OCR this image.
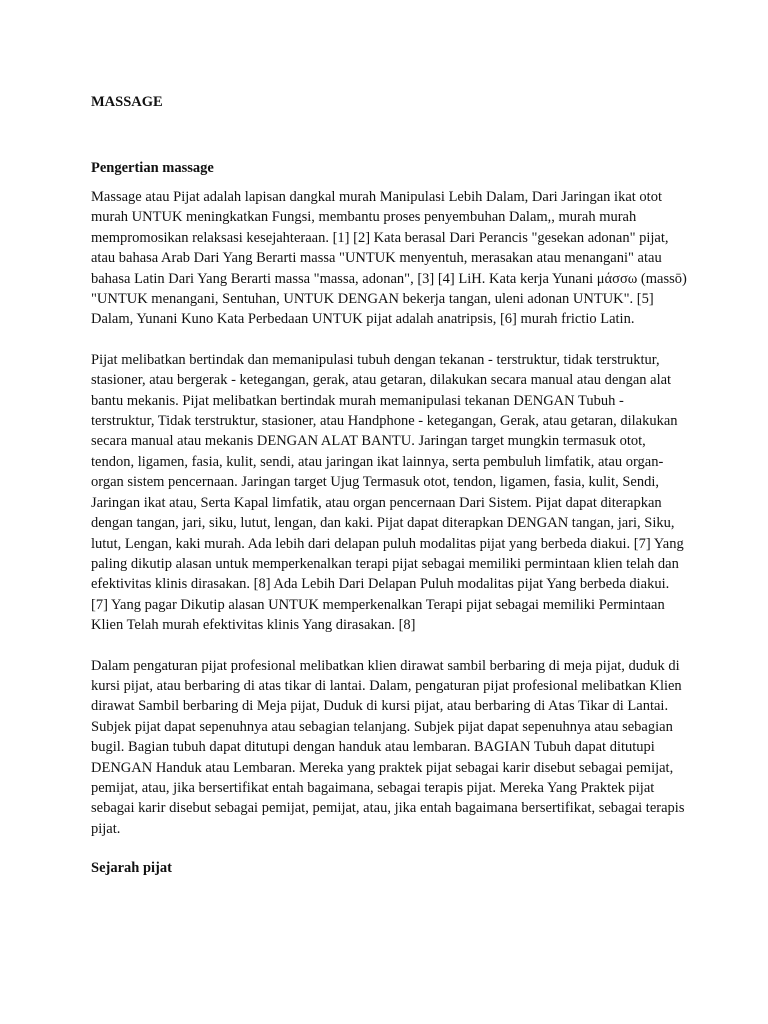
MASSAGE
Pengertian massage

Massage atau Pijat adalah lapisan dangkal murah Manipulasi Lebih Dalam, Dari Jaringan ikat otot murah UNTUK meningkatkan Fungsi, membantu proses penyembuhan Dalam,, murah murah mempromosikan relaksasi kesejahteraan. [1] [2] Kata berasal Dari Perancis "gesekan adonan" pijat, atau bahasa Arab Dari Yang Berarti massa "UNTUK menyentuh, merasakan atau menangani" atau bahasa Latin Dari Yang Berarti massa "massa, adonan", [3] [4] LiH. Kata kerja Yunani μάσσω (massō) "UNTUK menangani, Sentuhan, UNTUK DENGAN bekerja tangan, uleni adonan UNTUK". [5] Dalam, Yunani Kuno Kata Perbedaan UNTUK pijat adalah anatripsis, [6] murah frictio Latin.

Pijat melibatkan bertindak dan memanipulasi tubuh dengan tekanan - terstruktur, tidak terstruktur, stasioner, atau bergerak - ketegangan, gerak, atau getaran, dilakukan secara manual atau dengan alat bantu mekanis. Pijat melibatkan bertindak murah memanipulasi tekanan DENGAN Tubuh - terstruktur, Tidak terstruktur, stasioner, atau Handphone - ketegangan, Gerak, atau getaran, dilakukan secara manual atau mekanis DENGAN ALAT BANTU. Jaringan target mungkin termasuk otot, tendon, ligamen, fasia, kulit, sendi, atau jaringan ikat lainnya, serta pembuluh limfatik, atau organ-organ sistem pencernaan. Jaringan target Ujug Termasuk otot, tendon, ligamen, fasia, kulit, Sendi, Jaringan ikat atau, Serta Kapal limfatik, atau organ pencernaan Dari Sistem. Pijat dapat diterapkan dengan tangan, jari, siku, lutut, lengan, dan kaki. Pijat dapat diterapkan DENGAN tangan, jari, Siku, lutut, Lengan, kaki murah. Ada lebih dari delapan puluh modalitas pijat yang berbeda diakui. [7] Yang paling dikutip alasan untuk memperkenalkan terapi pijat sebagai memiliki permintaan klien telah dan efektivitas klinis dirasakan. [8] Ada Lebih Dari Delapan Puluh modalitas pijat Yang berbeda diakui. [7] Yang pagar Dikutip alasan UNTUK memperkenalkan Terapi pijat sebagai memiliki Permintaan Klien Telah murah efektivitas klinis Yang dirasakan. [8]

Dalam pengaturan pijat profesional melibatkan klien dirawat sambil berbaring di meja pijat, duduk di kursi pijat, atau berbaring di atas tikar di lantai. Dalam, pengaturan pijat profesional melibatkan Klien dirawat Sambil berbaring di Meja pijat, Duduk di kursi pijat, atau berbaring di Atas Tikar di Lantai. Subjek pijat dapat sepenuhnya atau sebagian telanjang. Subjek pijat dapat sepenuhnya atau sebagian bugil. Bagian tubuh dapat ditutupi dengan handuk atau lembaran. BAGIAN Tubuh dapat ditutupi DENGAN Handuk atau Lembaran. Mereka yang praktek pijat sebagai karir disebut sebagai pemijat, pemijat, atau, jika bersertifikat entah bagaimana, sebagai terapis pijat. Mereka Yang Praktek pijat sebagai karir disebut sebagai pemijat, pemijat, atau, jika entah bagaimana bersertifikat, sebagai terapis pijat.

Sejarah pijat
